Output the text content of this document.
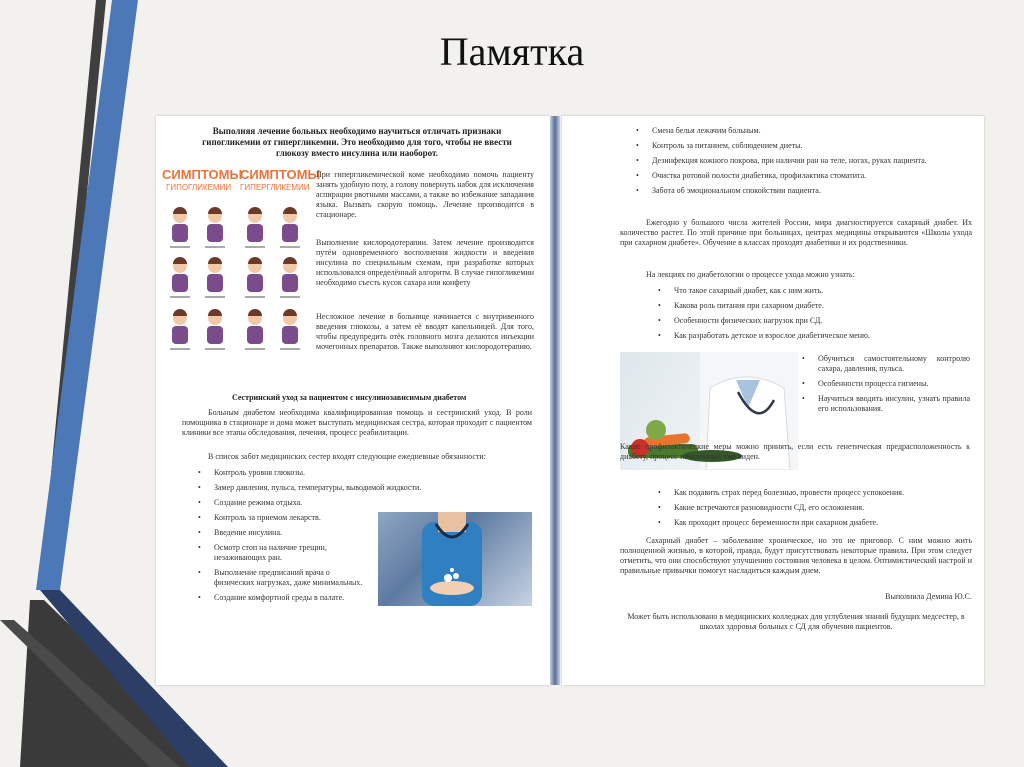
Памятка
Выполняя лечение больных необходимо научиться отличать признаки гипогликемии от гипергликемии. Это необходимо для того, чтобы не ввести глюкозу вместо инсулина или наоборот.
СИМПТОМЫ
ГИПОГЛИКЕМИИ
СИМПТОМЫ
ГИПЕРГЛИКЕМИИ
При гипергликемической коме необходимо помочь пациенту занять удобную позу, а голову повернуть набок для исключения аспирации рвотными массами, а также во избежание западания языка. Вызвать скорую помощь. Лечение производится в стационаре.
Выполнение кислородотерапии. Затем лечение производится путём одновременного восполнения жидкости и введения инсулина по специальным схемам, при разработке которых использовался определённый алгоритм. В случае гипогликемии необходимо съесть кусок сахара или конфету
Несложное лечение в больнице начинается с внутривенного введения глюкозы, а затем её вводят капельницей. Для того, чтобы предупредить отёк головного мозга делаются инъекции мочегонных препаратов. Также выполняют кислородотерапию.
Сестринский уход за пациентом с инсулинозависимым диабетом
Больным диабетом необходима квалифицированная помощь и сестринский уход. В роли помощника в стационаре и дома может выступать медицинская сестра, которая проходит с пациентом клиники все этапы обследования, лечения, процесс реабилитации.
В список забот медицинских сестер входят следующие ежедневные обязанности:
• Контроль уровня глюкозы.
• Замер давления, пульса, температуры, выводимой жидкости.
• Создание режима отдыха.
• Контроль за приемом лекарств.
• Введение инсулина.
• Осмотр стоп на наличие трещин, незаживающих ран.
• Выполнение предписаний врача о физических нагрузках, даже минимальных.
• Создание комфортной среды в палате.
• Смена белья лежачим больным.
• Контроль за питанием, соблюдением диеты.
• Дезинфекция кожного покрова, при наличии ран на теле, ногах, руках пациента.
• Очистка ротовой полости диабетика, профилактика стоматита.
• Забота об эмоциональном спокойствии пациента.
Ежегодно у большого числа жителей России, мира диагностируется сахарный диабет. Их количество растет. По этой причине при больницах, центрах медицины открываются «Школы ухода при сахарном диабете». Обучение в классах проходят диабетики и их родственники.
На лекциях по диабетологии о процессе ухода можно узнать:
• Что такое сахарный диабет, как с ним жить.
• Какова роль питания при сахарном диабете.
• Особенности физических нагрузок при СД.
• Как разработать детское и взрослое диабетическое меню.
• Обучиться самостоятельному контролю сахара, давления, пульса.
• Особенности процесса гигиены.
• Научиться вводить инсулин, узнать правила его использования.
Какие профилактические меры можно принять, если есть генетическая предрасположенность к диабету, процесс заболевания уже виден.
• Как подавить страх перед болезнью, провести процесс успокоения.
• Какие встречаются разновидности СД, его осложнения.
• Как проходит процесс беременности при сахарном диабете.
Сахарный диабет – заболевание хроническое, но это не приговор. С ним можно жить полноценной жизнью, в которой, правда, будут присутствовать некоторые правила. При этом следует отметить, что они способствуют улучшению состояния человека в целом. Оптимистический настрой и правильные привычки помогут насладиться каждым днем.
Выполнила Демина Ю.С.
Может быть использовано в медицинских колледжах для углубления знаний будущих медсестер, в школах здоровья больных с СД для обучения пациентов.
